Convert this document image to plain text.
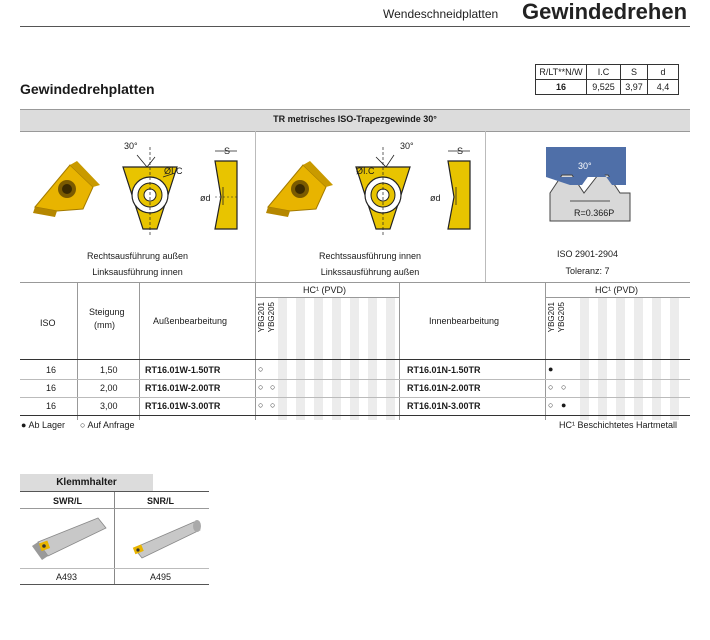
Wendeschneidplatten Gewindedrehen
Gewindedrehplatten
R/LT**N/W	I.C	S	d
16	9,525	3,97	4,4
TR metrisches ISO-Trapezgewinde 30°
30°
ØI.C
S
ød
Rechtsausführung außen
Linksausführung innen
30°
ØI.C
S
ød
Rechtssausführung innen
Linkssausführung außen
30°
R=0.366P
ISO 2901-2904
Toleranz: 7
ISO
Steigung
(mm)	Außenbearbeitung	Innenbearbeitung
HC¹ (PVD)	HC¹ (PVD)
YBG201 YBG205	YBG201 YBG205
16	1,50	RT16.01W-1.50TR	○	RT16.01N-1.50TR	●
16	2,00	RT16.01W-2.00TR	○ ○	RT16.01N-2.00TR	○ ○
16	3,00	RT16.01W-3.00TR	○ ○	RT16.01N-3.00TR	○ ●
● Ab Lager ○ Auf Anfrage	HC¹ Beschichtetes Hartmetall
Klemmhalter
SWR/L	SNR/L
A493	A495
